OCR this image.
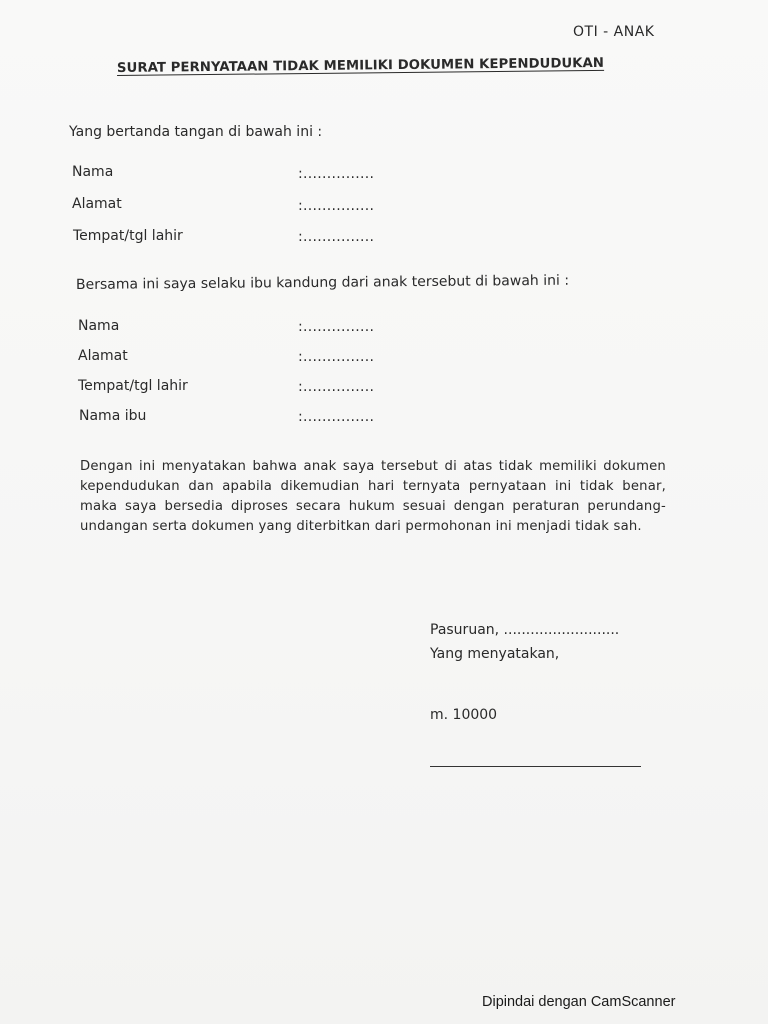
OTI - ANAK
SURAT PERNYATAAN TIDAK MEMILIKI DOKUMEN KEPENDUDUKAN
Yang bertanda tangan di bawah ini :
Nama	:...............
Alamat	:...............
Tempat/tgl lahir	:...............
Bersama ini saya selaku ibu kandung dari anak tersebut di bawah ini :
Nama	:...............
Alamat	:...............
Tempat/tgl lahir	:...............
Nama ibu	:...............
Dengan ini menyatakan bahwa anak saya tersebut di atas tidak memiliki dokumen kependudukan dan apabila dikemudian hari ternyata pernyataan ini tidak benar, maka saya bersedia diproses secara hukum sesuai dengan peraturan perundang-undangan serta dokumen yang diterbitkan dari permohonan ini menjadi tidak sah.
Pasuruan, ..........................
Yang menyatakan,
m. 10000
Dipindai dengan CamScanner
